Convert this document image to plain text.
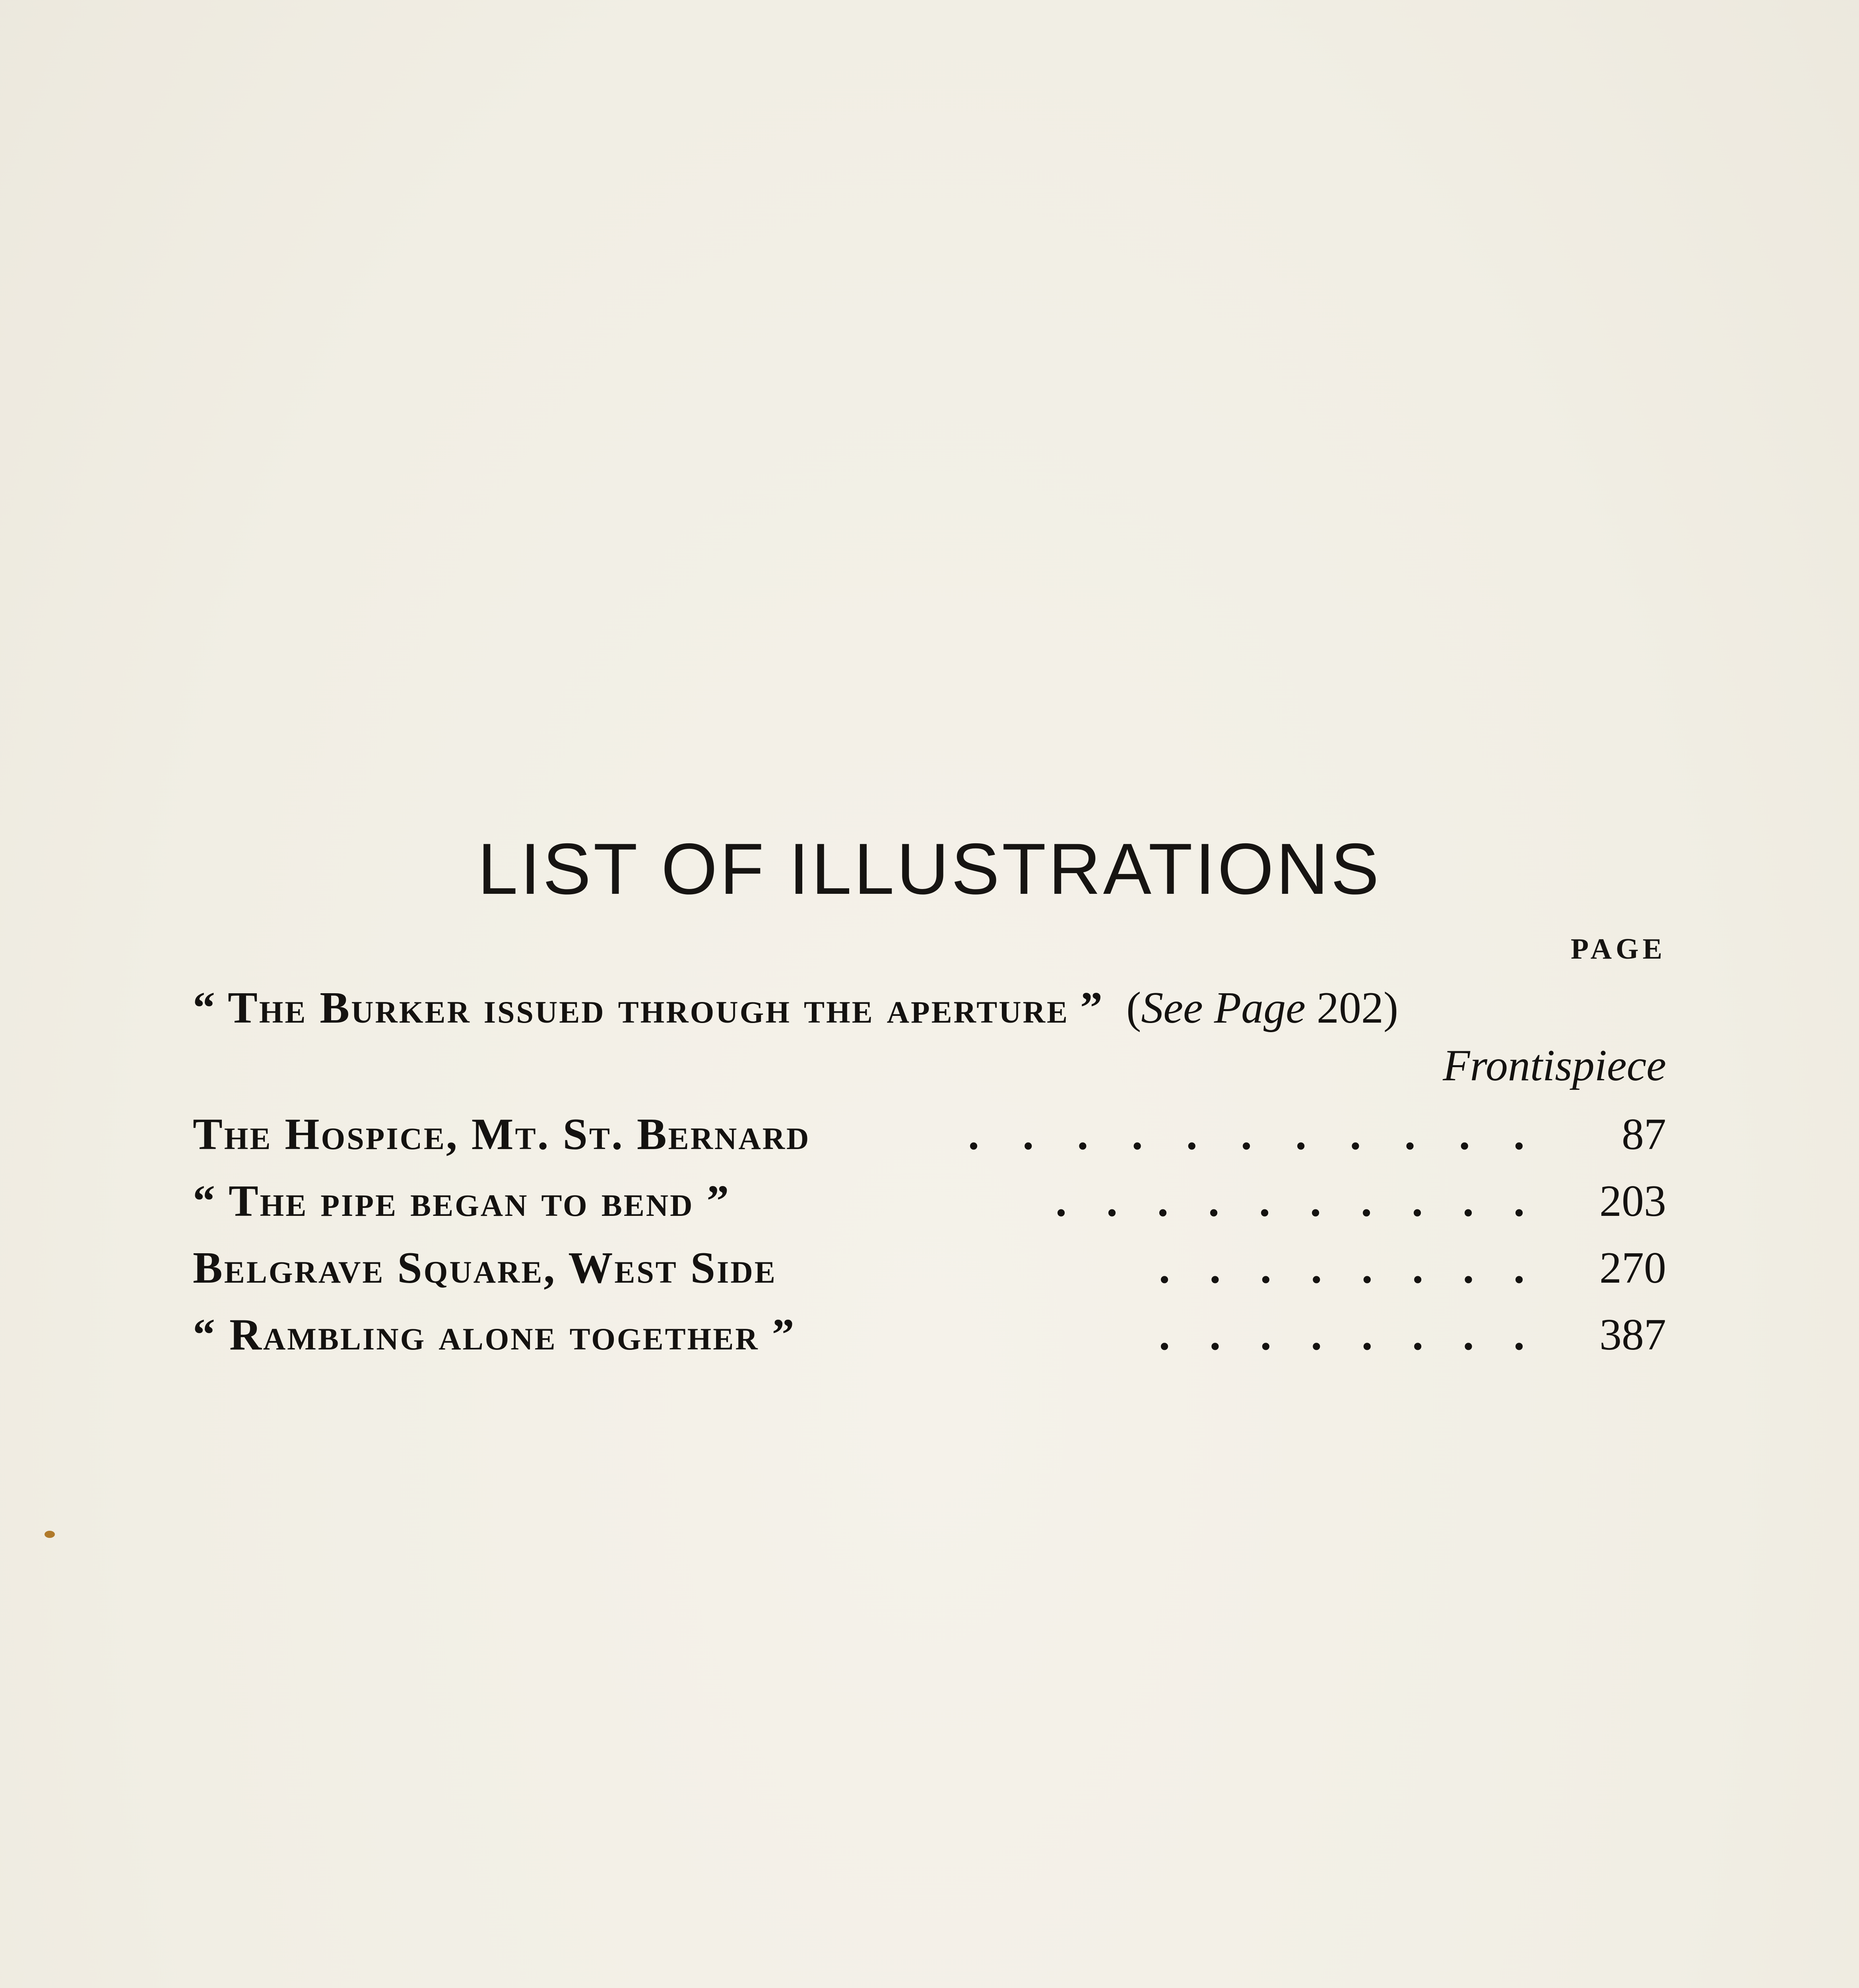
LIST OF ILLUSTRATIONS
PAGE
“ The Burker issued through the aperture ” (See Page 202)
Frontispiece
The Hospice, Mt. St. Bernard	. . . . . . . . . . . 87
“ The pipe began to bend ”	. . . . . . . . . . 203
Belgrave Square, West Side	. . . . . . . . 270
“ Rambling alone together ”	. . . . . . . . 387
